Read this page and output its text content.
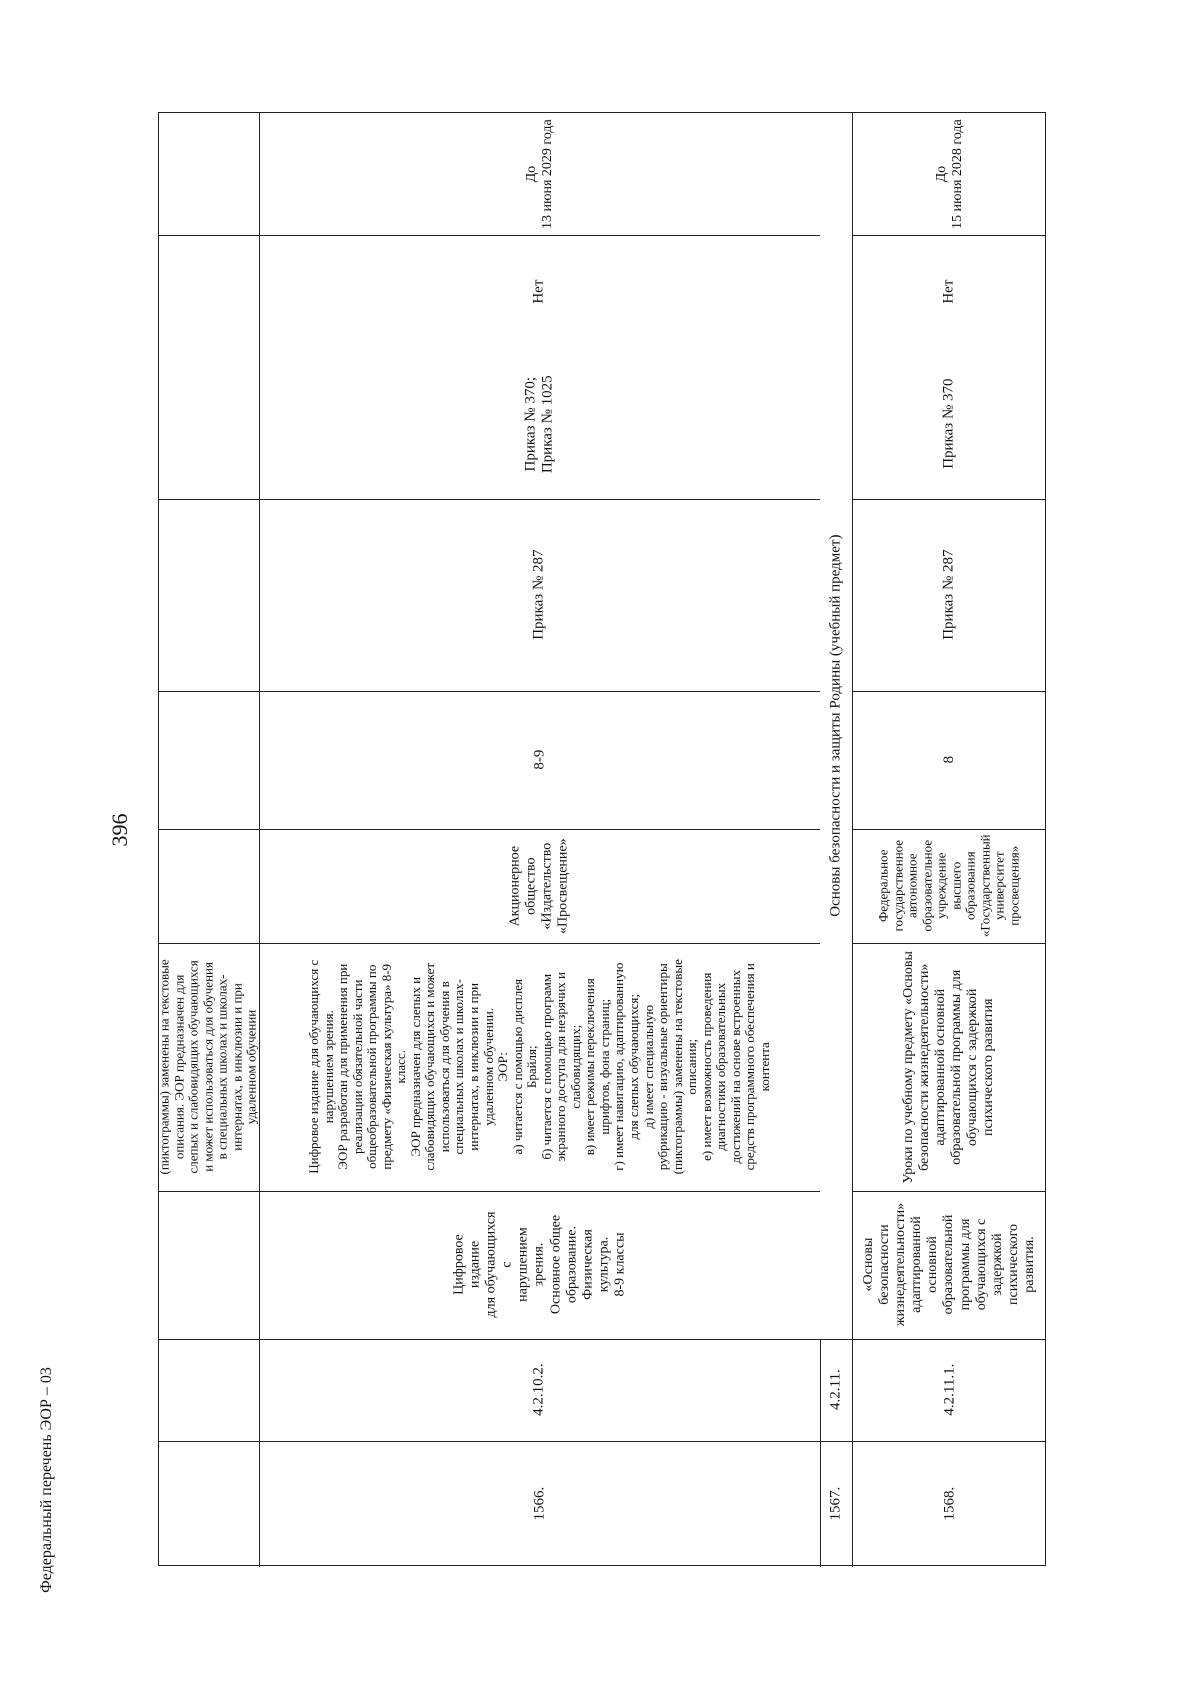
396
(пиктограммы) заменены на текстовые
описания. ЭОР предназначен для
слепых и слабовидящих обучающихся
и может использоваться для обучения
в специальных школах и школах-
интернатах, в инклюзии и при
удаленном обучении
1566.
4.2.10.2.
Цифровое
издание
для обучающихся
с
нарушением
зрения.
Основное общее
образование.
Физическая
культура.
8-9 классы
Цифровое издание для обучающихся с
нарушением зрения.
ЭОР разработан для применения при
реализации обязательной части
общеобразовательной программы по
предмету «Физическая культура» 8-9
класс.
ЭОР предназначен для слепых и
слабовидящих обучающихся и может
использоваться для обучения в
специальных школах и школах-
интернатах, в инклюзии и при
удаленном обучении.
ЭОР:
а) читается с помощью дисплея
Брайля;
б) читается с помощью программ
экранного доступа для незрячих и
слабовидящих;
в) имеет режимы переключения
шрифтов, фона страниц;
г) имеет навигацию, адаптированную
для слепых обучающихся;
д) имеет специальную
рубрикацию - визуальные ориентиры
(пиктограммы) заменены на текстовые
описания;
е) имеет возможность проведения
диагностики образовательных
достижений на основе встроенных
средств программного обеспечения и
контента
Акционерное
общество
«Издательство
«Просвещение»
8-9
Приказ № 287
Приказ № 370;
Приказ № 1025
Нет
До
13 июня 2029 года
1567.
4.2.11.
Основы безопасности и защиты Родины (учебный предмет)
1568.
4.2.11.1.
«Основы
безопасности
жизнедеятельности»
адаптированной
основной
образовательной
программы для
обучающихся с
задержкой
психического
развития.
Уроки по учебному предмету «Основы
безопасности жизнедеятельности»
адаптированной основной
образовательной программы для
обучающихся с задержкой
психического развития
Федеральное
государственное
автономное
образовательное
учреждение
высшего
образования
«Государственный
университет
просвещения»
8
Приказ № 287
Приказ № 370
Нет
До
15 июня 2028 года
Федеральный перечень ЭОР – 03
